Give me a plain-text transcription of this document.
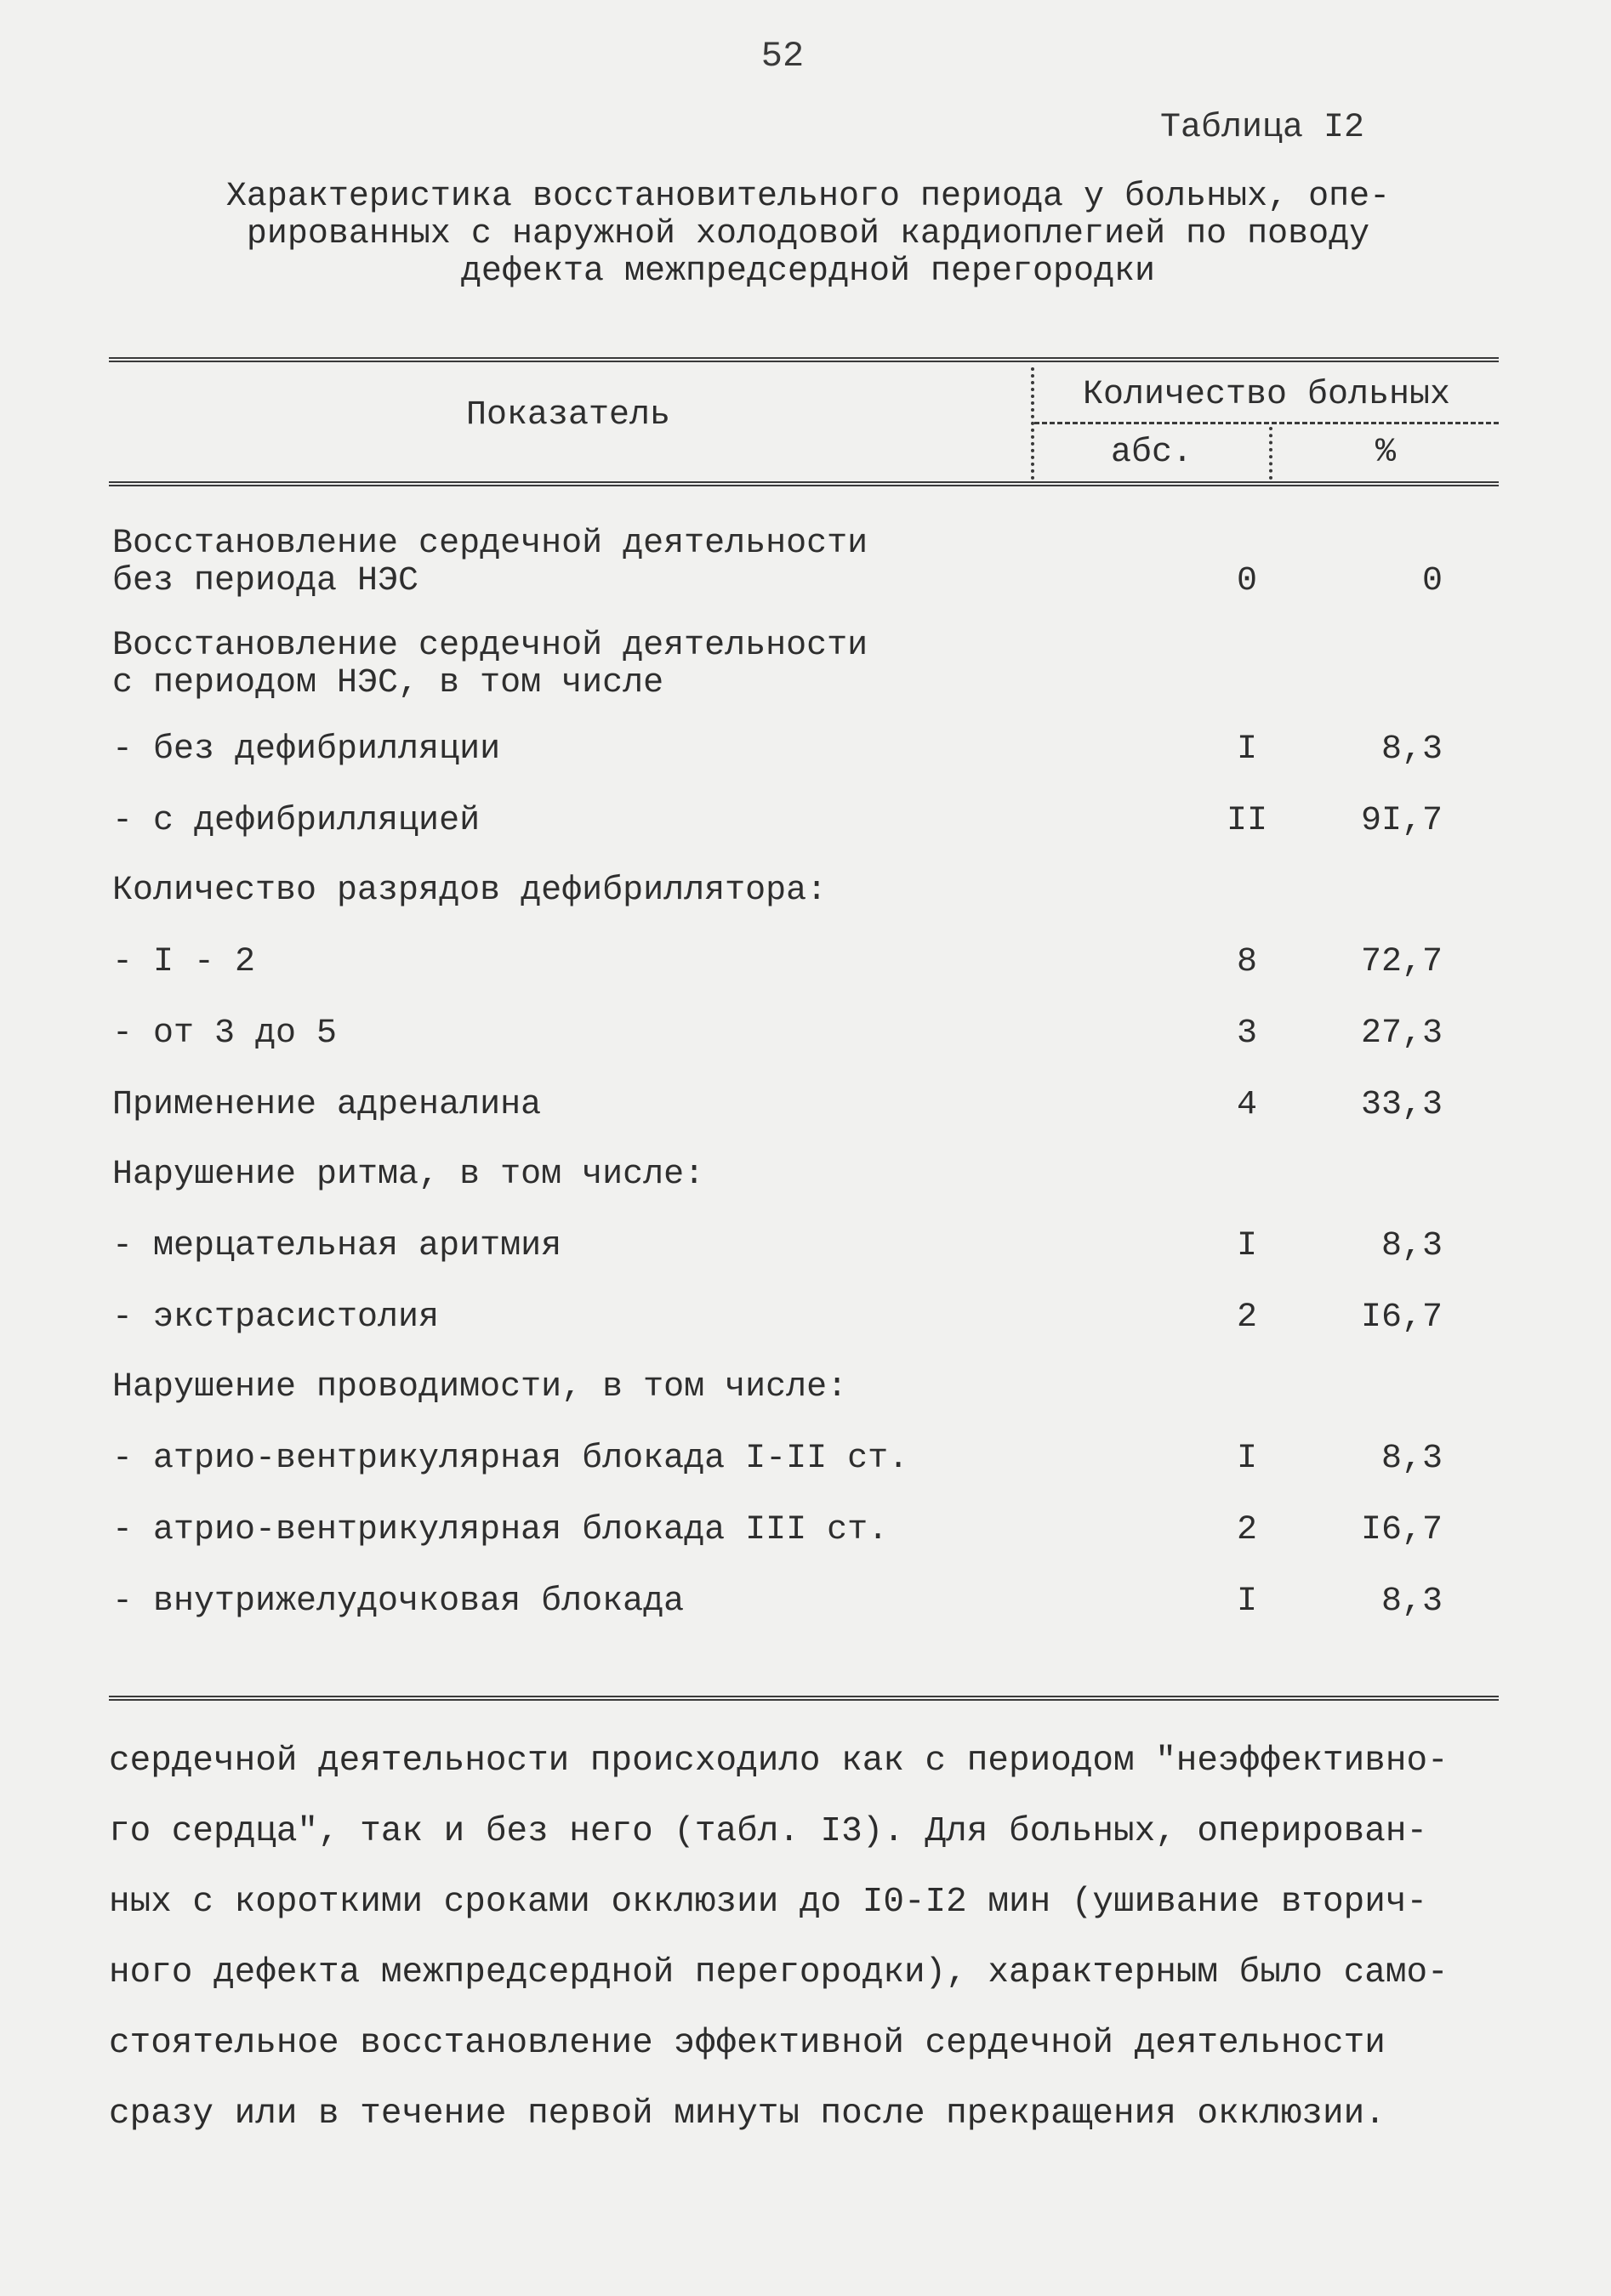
52
Таблица I2
Характеристика восстановительного периода у больных, опе-
рированных с наружной холодовой кардиоплегией по поводу
дефекта межпредсердной перегородки
Показатель
Количество больных
абс.	%
Восстановление сердечной деятельности
без периода НЭС	0	0
Восстановление сердечной деятельности
с периодом НЭС, в том числе
- без дефибрилляции	I	8,3
- с дефибрилляцией	II	9I,7
Количество разрядов дефибриллятора:
- I - 2	8	72,7
- от 3 до 5	3	27,3
Применение адреналина	4	33,3
Нарушение ритма, в том числе:
- мерцательная аритмия	I	8,3
- экстрасистолия	2	I6,7
Нарушение проводимости, в том числе:
- атрио-вентрикулярная блокада I-II ст.	I	8,3
- атрио-вентрикулярная блокада III ст.	2	I6,7
- внутрижелудочковая блокада	I	8,3
сердечной деятельности происходило как с периодом "неэффективно-
го сердца", так и без него (табл. I3). Для больных, оперирован-
ных с короткими сроками окклюзии до I0-I2 мин (ушивание вторич-
ного дефекта межпредсердной перегородки), характерным было само-
стоятельное восстановление эффективной сердечной деятельности
сразу или в течение первой минуты после прекращения окклюзии.
